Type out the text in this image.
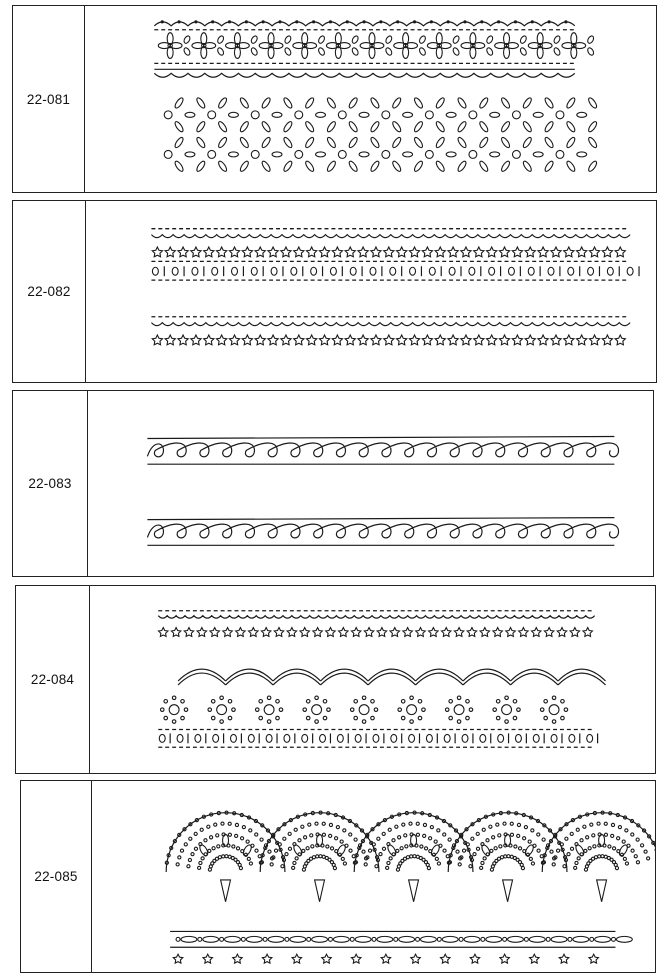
22-081
22-082
22-083
22-084
22-085
